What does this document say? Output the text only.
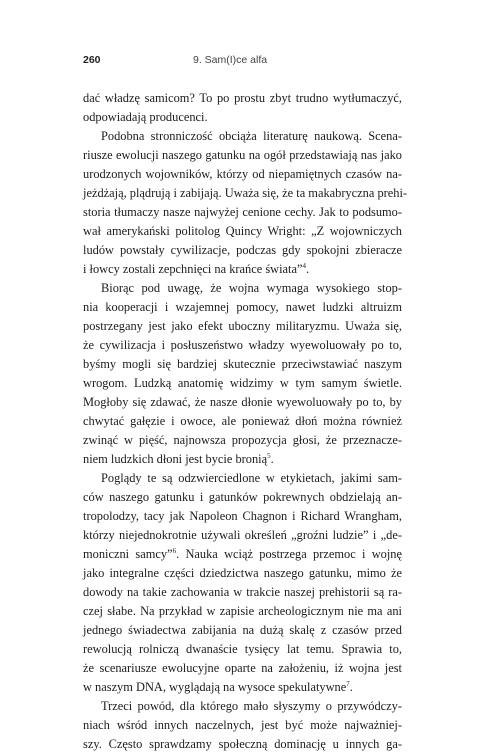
260	9. Sam(I)ce alfa
dać władzę samicom? To po prostu zbyt trudno wytłumaczyć,
odpowiadają producenci.
Podobna stronniczość obciąża literaturę naukową. Scena-
riusze ewolucji naszego gatunku na ogół przedstawiają nas jako
urodzonych wojowników, którzy od niepamiętnych czasów na-
jeżdżają, plądrują i zabijają. Uważa się, że ta makabryczna prehi-
storia tłumaczy nasze najwyżej cenione cechy. Jak to podsumo-
wał amerykański politolog Quincy Wright: „Z wojowniczych
ludów powstały cywilizacje, podczas gdy spokojni zbieracze
i łowcy zostali zepchnięci na krańce świata”$^4$.
Biorąc pod uwagę, że wojna wymaga wysokiego stop-
nia kooperacji i wzajemnej pomocy, nawet ludzki altruizm
postrzegany jest jako efekt uboczny militaryzmu. Uważa się,
że cywilizacja i posłuszeństwo władzy wyewoluowały po to,
byśmy mogli się bardziej skutecznie przeciwstawiać naszym
wrogom. Ludzką anatomię widzimy w tym samym świetle.
Mogłoby się zdawać, że nasze dłonie wyewoluowały po to, by
chwytać gałęzie i owoce, ale ponieważ dłoń można również
zwinąć w pięść, najnowsza propozycja głosi, że przeznacze-
niem ludzkich dłoni jest bycie bronią$^5$.
Poglądy te są odzwierciedlone w etykietach, jakimi sam-
ców naszego gatunku i gatunków pokrewnych obdzielają an-
tropolodzy, tacy jak Napoleon Chagnon i Richard Wrangham,
którzy niejednokrotnie używali określeń „groźni ludzie” i „de-
moniczni samcy”$^6$. Nauka wciąż postrzega przemoc i wojnę
jako integralne części dziedzictwa naszego gatunku, mimo że
dowody na takie zachowania w trakcie naszej prehistorii są ra-
czej słabe. Na przykład w zapisie archeologicznym nie ma ani
jednego świadectwa zabijania na dużą skalę z czasów przed
rewolucją rolniczą dwanaście tysięcy lat temu. Sprawia to,
że scenariusze ewolucyjne oparte na założeniu, iż wojna jest
w naszym DNA, wyglądają na wysoce spekulatywne$^7$.
Trzeci powód, dla którego mało słyszymy o przywódczy-
niach wśród innych naczelnych, jest być może najważniej-
szy. Często sprawdzamy społeczną dominację u innych ga-
